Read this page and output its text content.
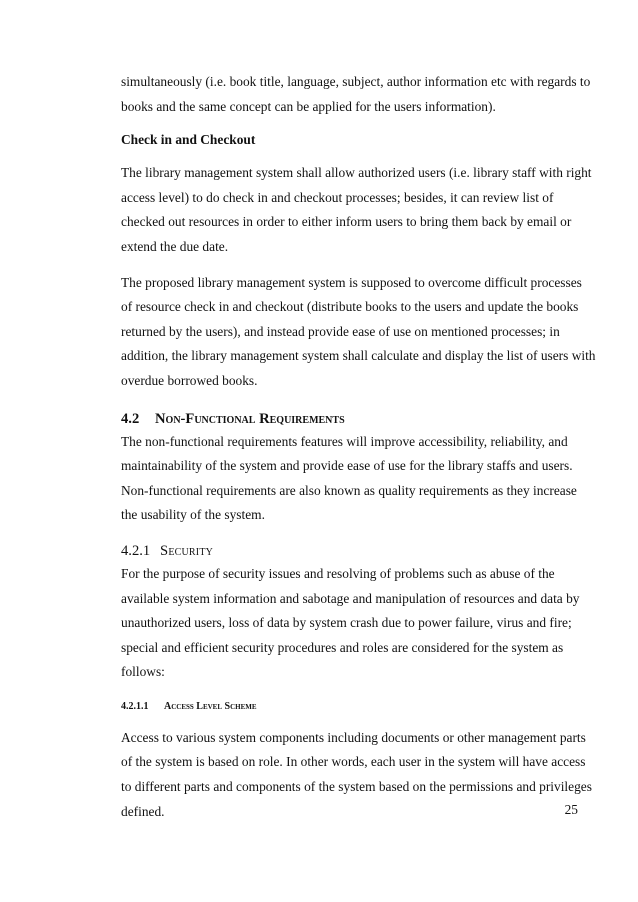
simultaneously (i.e. book title, language, subject, author information etc with regards to
books and the same concept can be applied for the users information).

Check in and Checkout

The library management system shall allow authorized users (i.e. library staff with right
access level) to do check in and checkout processes; besides, it can review list of
checked out resources in order to either inform users to bring them back by email or
extend the due date.

The proposed library management system is supposed to overcome difficult processes
of resource check in and checkout (distribute books to the users and update the books
returned by the users), and instead provide ease of use on mentioned processes; in
addition, the library management system shall calculate and display the list of users with
overdue borrowed books.

4.2	Non-Functional Requirements

The non-functional requirements features will improve accessibility, reliability, and
maintainability of the system and provide ease of use for the library staffs and users.
Non-functional requirements are also known as quality requirements as they increase
the usability of the system.

4.2.1 Security

For the purpose of security issues and resolving of problems such as abuse of the
available system information and sabotage and manipulation of resources and data by
unauthorized users, loss of data by system crash due to power failure, virus and fire;
special and efficient security procedures and roles are considered for the system as
follows:

4.2.1.1	Access Level Scheme

Access to various system components including documents or other management parts
of the system is based on role. In other words, each user in the system will have access
to different parts and components of the system based on the permissions and privileges
defined.	25
